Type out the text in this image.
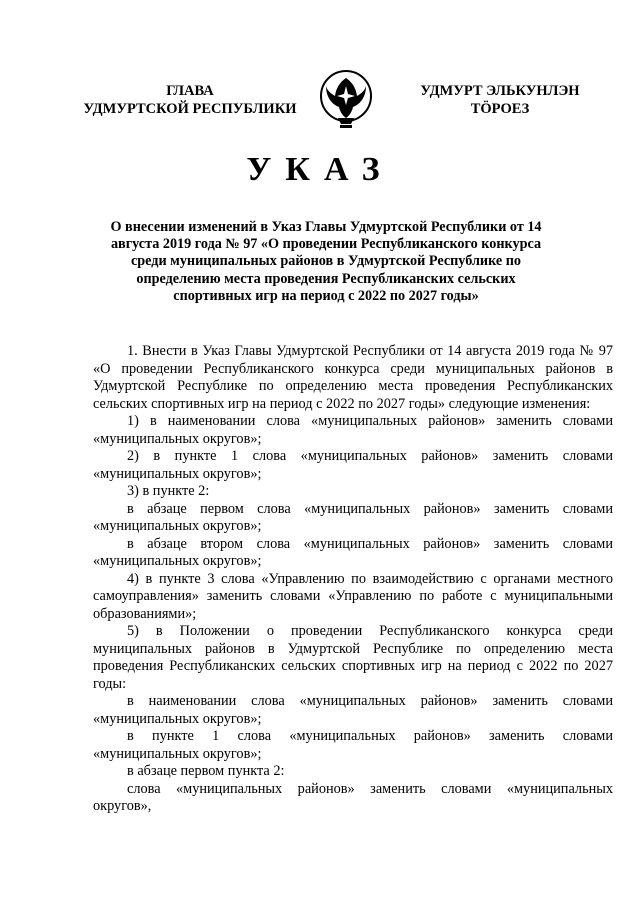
ГЛАВА
УДМУРТСКОЙ РЕСПУБЛИКИ
УДМУРТ ЭЛЬКУНЛЭН
ТӦРОЕЗ
УКАЗ
О внесении изменений в Указ Главы Удмуртской Республики от 14 августа 2019 года № 97 «О проведении Республиканского конкурса среди муниципальных районов в Удмуртской Республике по определению места проведения Республиканских сельских спортивных игр на период с 2022 по 2027 годы»

1. Внести в Указ Главы Удмуртской Республики от 14 августа 2019 года № 97 «О проведении Республиканского конкурса среди муниципальных районов в Удмуртской Республике по определению места проведения Республиканских сельских спортивных игр на период с 2022 по 2027 годы» следующие изменения:

1) в наименовании слова «муниципальных районов» заменить словами «муниципальных округов»;

2) в пункте 1 слова «муниципальных районов» заменить словами «муниципальных округов»;

3) в пункте 2:

в абзаце первом слова «муниципальных районов» заменить словами «муниципальных округов»;

в абзаце втором слова «муниципальных районов» заменить словами «муниципальных округов»;

4) в пункте 3 слова «Управлению по взаимодействию с органами местного самоуправления» заменить словами «Управлению по работе с муниципальными образованиями»;

5) в Положении о проведении Республиканского конкурса среди муниципальных районов в Удмуртской Республике по определению места проведения Республиканских сельских спортивных игр на период с 2022 по 2027 годы:

в наименовании слова «муниципальных районов» заменить словами «муниципальных округов»;

в пункте 1 слова «муниципальных районов» заменить словами «муниципальных округов»;

в абзаце первом пункта 2:

слова «муниципальных районов» заменить словами «муниципальных округов»,
